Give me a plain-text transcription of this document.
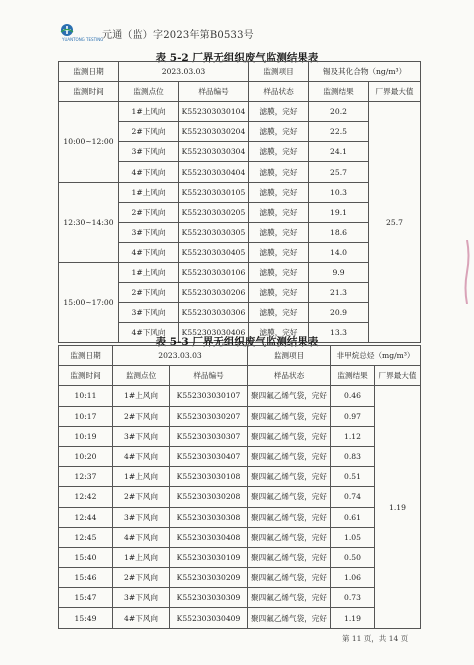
YUANTONG TESTING
元通（监）字2023年第B0533号
表 5-2 厂界无组织废气监测结果表
监测日期	2023.03.03		监测项目	锡及其化合物（ng/m³）	
监测时间	监测点位	样品编号	样品状态	监测结果	厂界最大值
10:00~12:00	1#上风向	K552303030104	滤膜，完好	20.2	25.7
	2#下风向	K552303030204	滤膜，完好	22.5	
	3#下风向	K552303030304	滤膜，完好	24.1	
	4#下风向	K552303030404	滤膜，完好	25.7	
12:30~14:30	1#上风向	K552303030105	滤膜，完好	10.3	
	2#下风向	K552303030205	滤膜，完好	19.1	
	3#下风向	K552303030305	滤膜，完好	18.6	
	4#下风向	K552303030405	滤膜，完好	14.0	
15:00~17:00	1#上风向	K552303030106	滤膜，完好	9.9	
	2#下风向	K552303030206	滤膜，完好	21.3	
	3#下风向	K552303030306	滤膜，完好	20.9	
	4#下风向	K552303030406	滤膜，完好	13.3	
表 5-3 厂界无组织废气监测结果表
监测日期	2023.03.03		监测项目	非甲烷总烃（mg/m³）	
监测时间	监测点位	样品编号	样品状态	监测结果	厂界最大值
10:11	1#上风向	K552303030107	聚四氟乙烯气袋，完好	0.46	1.19
10:17	2#下风向	K552303030207	聚四氟乙烯气袋，完好	0.97	
10:19	3#下风向	K552303030307	聚四氟乙烯气袋，完好	1.12	
10:20	4#下风向	K552303030407	聚四氟乙烯气袋，完好	0.83	
12:37	1#上风向	K552303030108	聚四氟乙烯气袋，完好	0.51	
12:42	2#下风向	K552303030208	聚四氟乙烯气袋，完好	0.74	
12:44	3#下风向	K552303030308	聚四氟乙烯气袋，完好	0.61	
12:45	4#下风向	K552303030408	聚四氟乙烯气袋，完好	1.05	
15:40	1#上风向	K552303030109	聚四氟乙烯气袋，完好	0.50	
15:46	2#下风向	K552303030209	聚四氟乙烯气袋，完好	1.06	
15:47	3#下风向	K552303030309	聚四氟乙烯气袋，完好	0.73	
15:49	4#下风向	K552303030409	聚四氟乙烯气袋，完好	1.19	
第 11 页，共 14 页
